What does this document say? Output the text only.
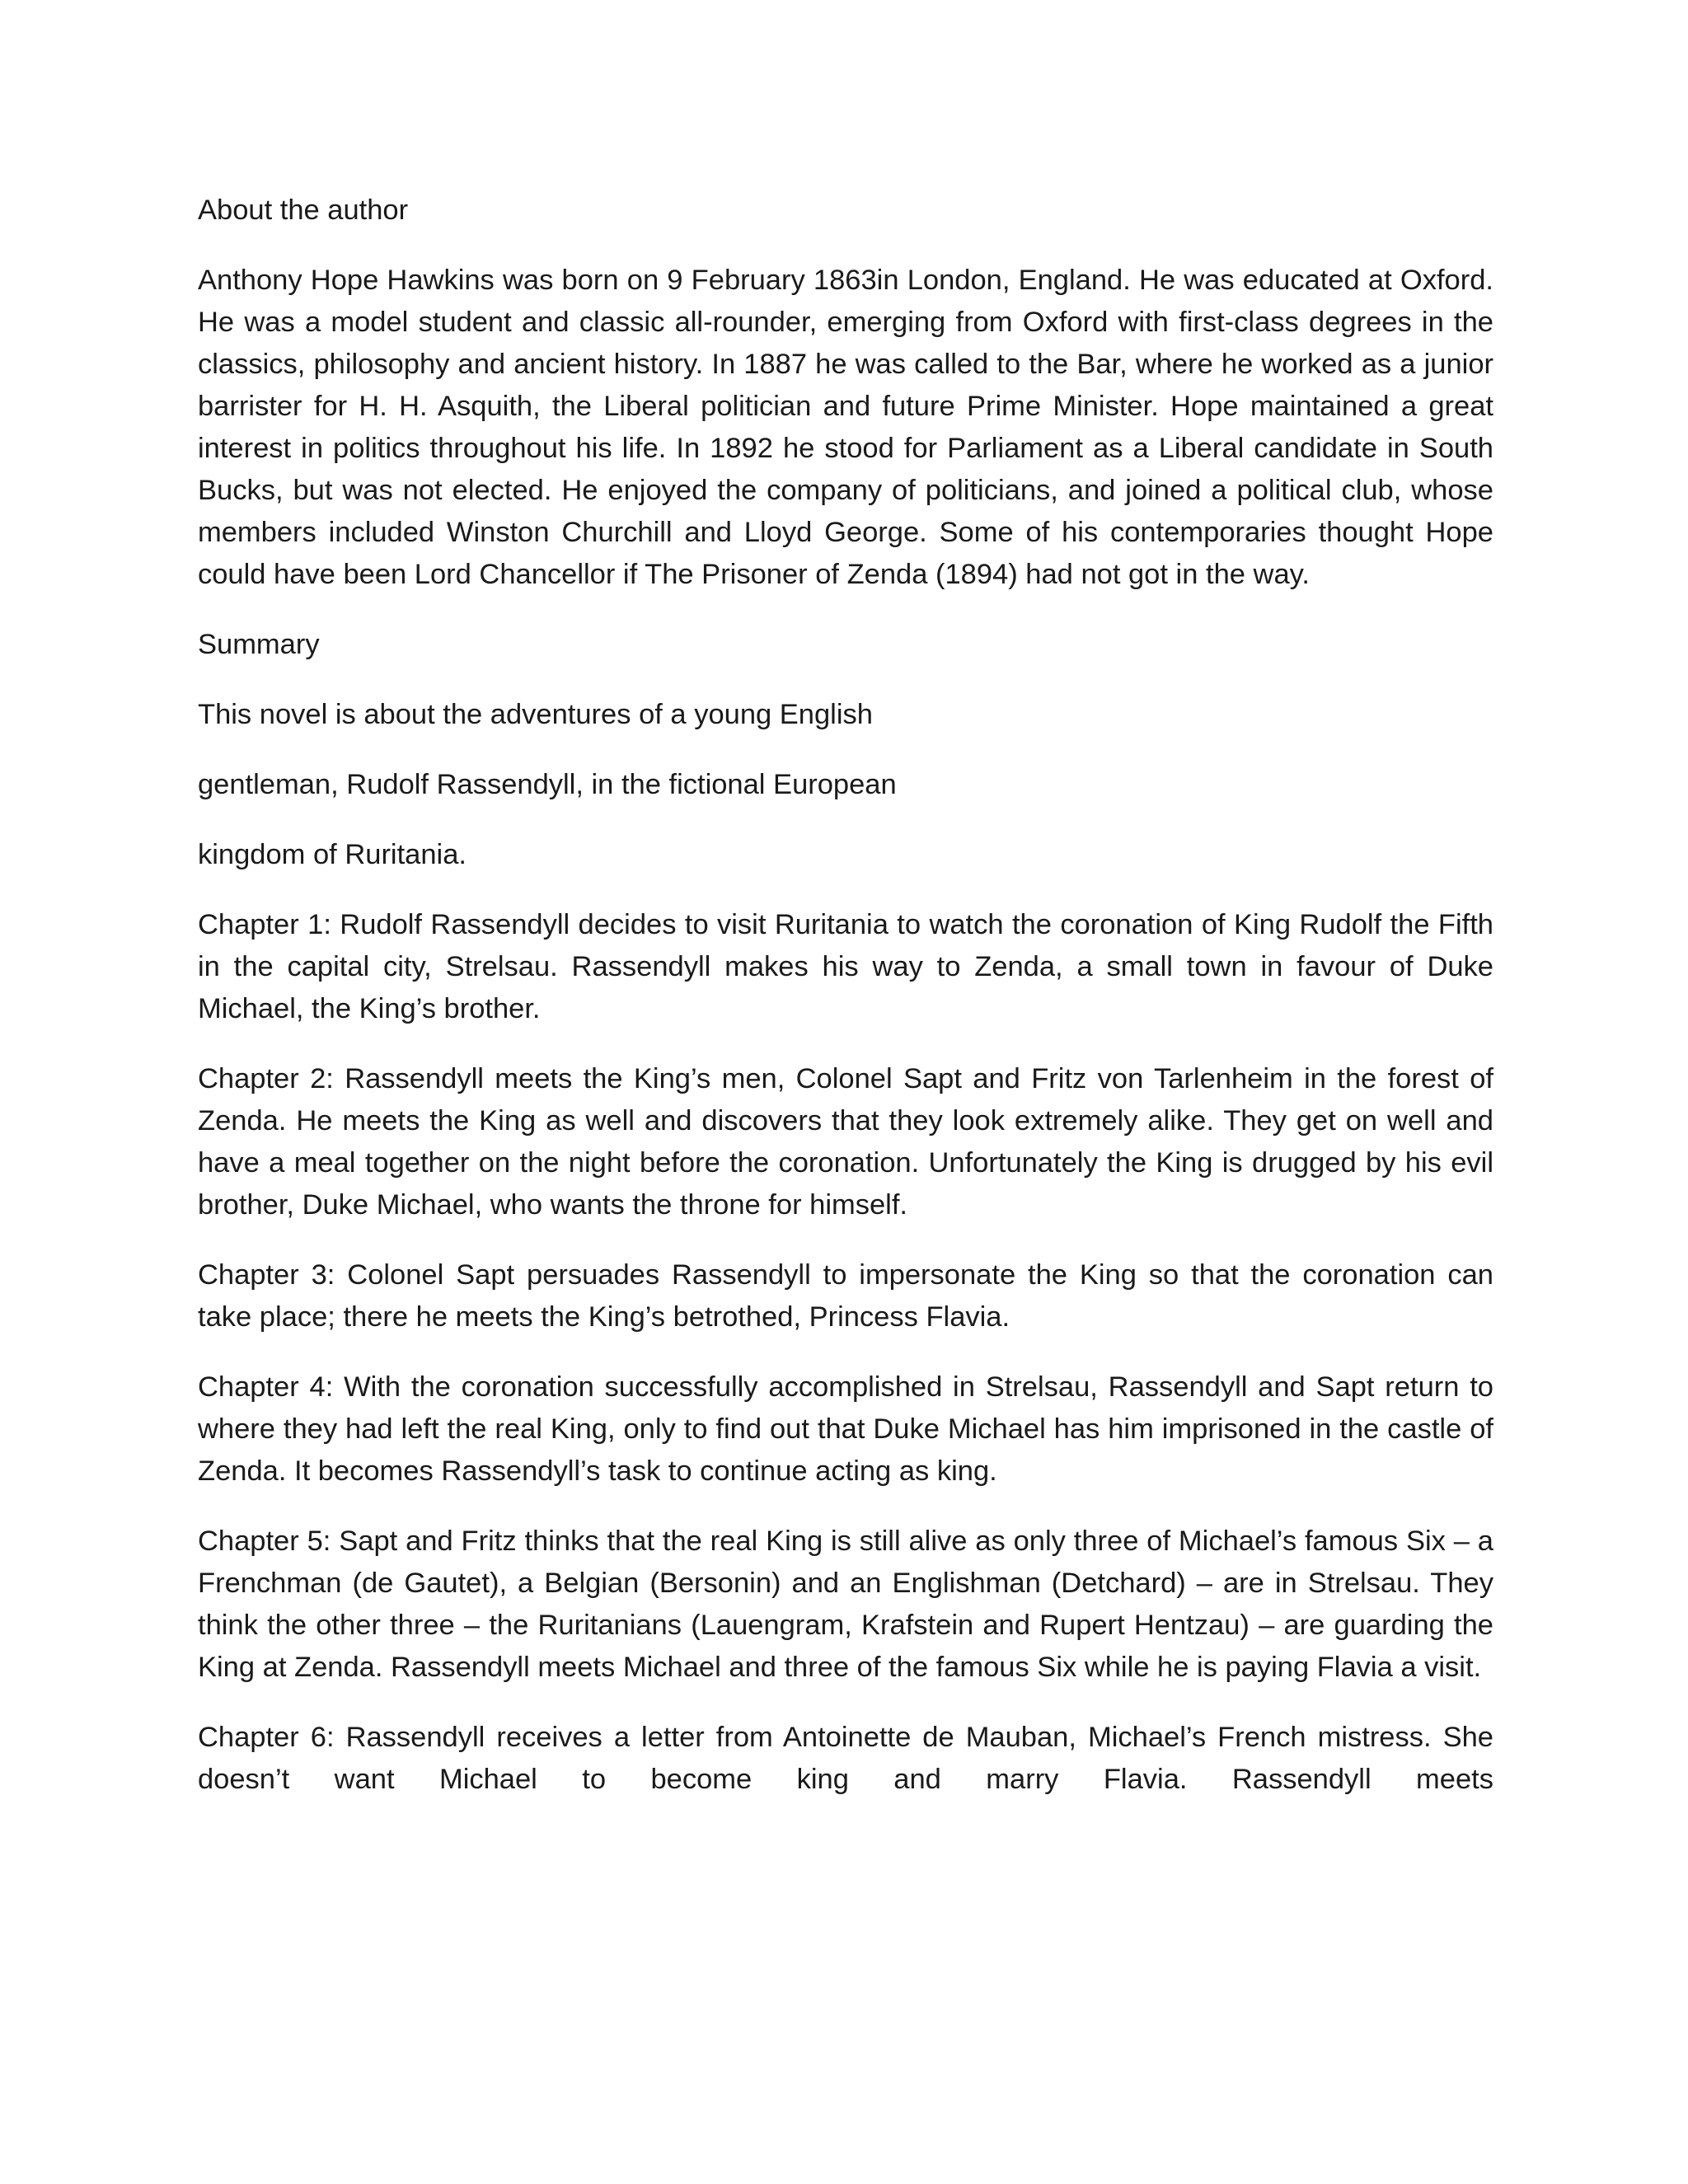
About the author

Anthony Hope Hawkins was born on 9 February 1863in London, England. He was educated at Oxford. He was a model student and classic all-rounder, emerging from Oxford with first-class degrees in the classics, philosophy and ancient history. In 1887 he was called to the Bar, where he worked as a junior barrister for H. H. Asquith, the Liberal politician and future Prime Minister. Hope maintained a great interest in politics throughout his life. In 1892 he stood for Parliament as a Liberal candidate in South Bucks, but was not elected. He enjoyed the company of politicians, and joined a political club, whose members included Winston Churchill and Lloyd George. Some of his contemporaries thought Hope could have been Lord Chancellor if The Prisoner of Zenda (1894) had not got in the way.

Summary

This novel is about the adventures of a young English

gentleman, Rudolf Rassendyll, in the fictional European

kingdom of Ruritania.

Chapter 1: Rudolf Rassendyll decides to visit Ruritania to watch the coronation of King Rudolf the Fifth in the capital city, Strelsau. Rassendyll makes his way to Zenda, a small town in favour of Duke Michael, the King’s brother.

Chapter 2: Rassendyll meets the King’s men, Colonel Sapt and Fritz von Tarlenheim in the forest of Zenda. He meets the King as well and discovers that they look extremely alike. They get on well and have a meal together on the night before the coronation. Unfortunately the King is drugged by his evil brother, Duke Michael, who wants the throne for himself.

Chapter 3: Colonel Sapt persuades Rassendyll to impersonate the King so that the coronation can take place; there he meets the King’s betrothed, Princess Flavia.

Chapter 4: With the coronation successfully accomplished in Strelsau, Rassendyll and Sapt return to where they had left the real King, only to find out that Duke Michael has him imprisoned in the castle of Zenda. It becomes Rassendyll’s task to continue acting as king.

Chapter 5: Sapt and Fritz thinks that the real King is still alive as only three of Michael’s famous Six – a Frenchman (de Gautet), a Belgian (Bersonin) and an Englishman (Detchard) – are in Strelsau. They think the other three – the Ruritanians (Lauengram, Krafstein and Rupert Hentzau) – are guarding the King at Zenda. Rassendyll meets Michael and three of the famous Six while he is paying Flavia a visit.

Chapter 6: Rassendyll receives a letter from Antoinette de Mauban, Michael’s French mistress. She doesn’t want Michael to become king and marry Flavia. Rassendyll meets
